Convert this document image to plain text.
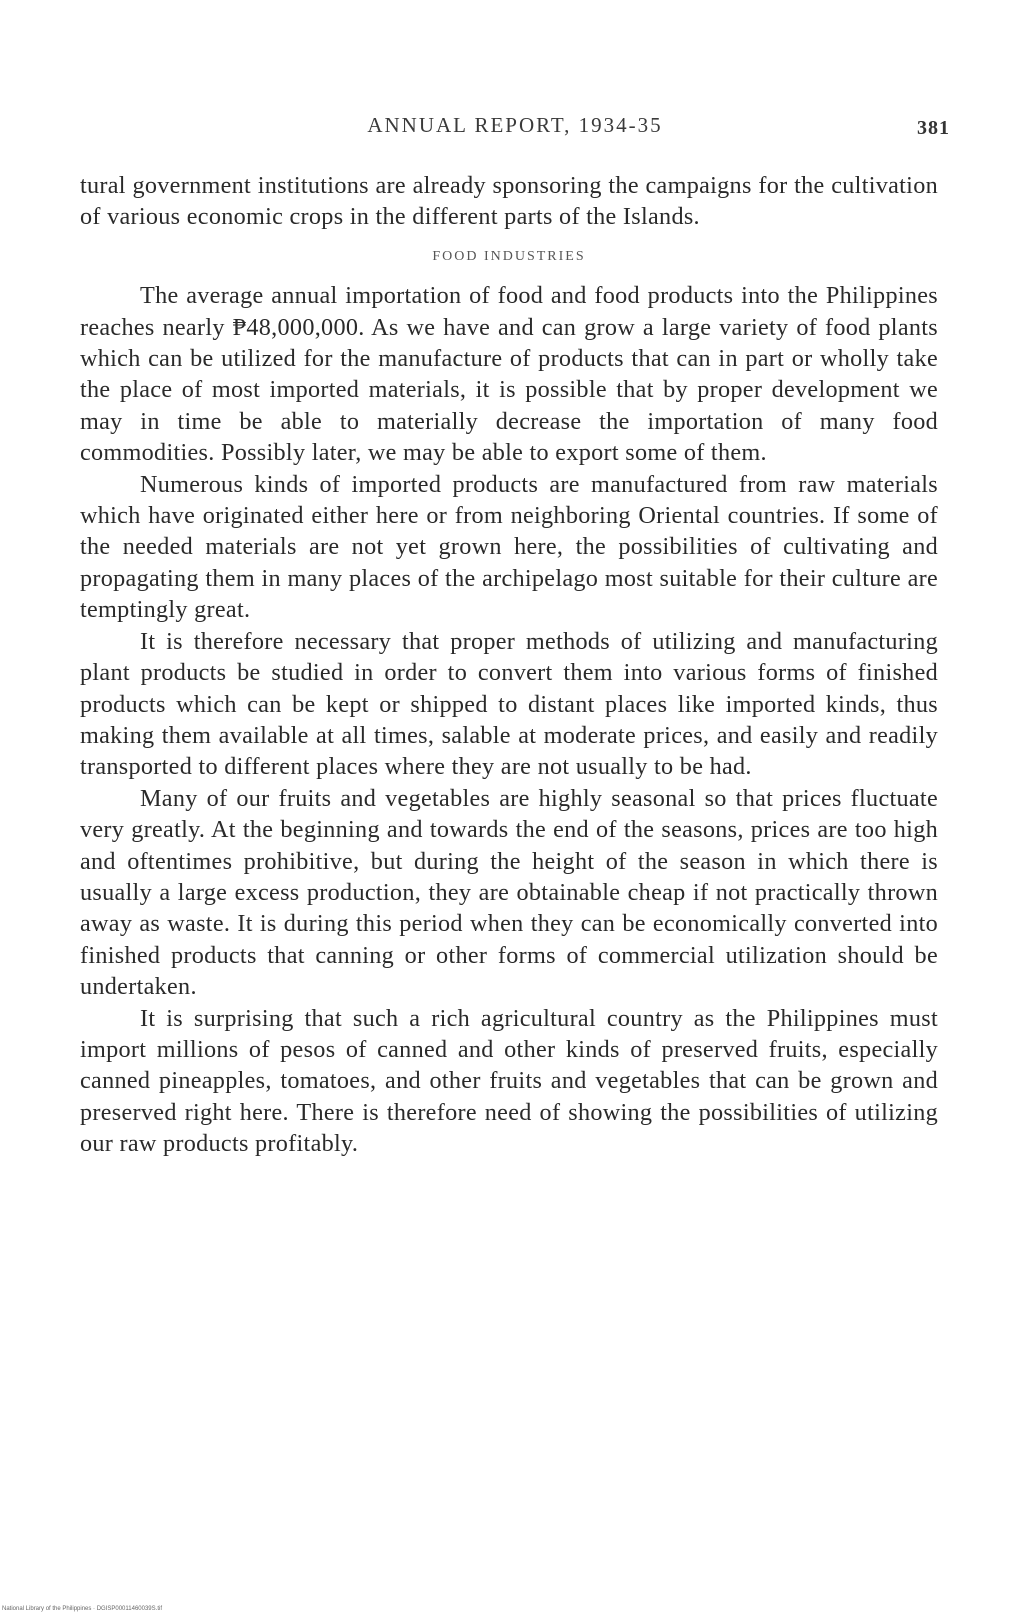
ANNUAL REPORT, 1934-35	381

tural government institutions are already sponsoring the campaigns for the cultivation of various economic crops in the different parts of the Islands.

FOOD INDUSTRIES

The average annual importation of food and food products into the Philippines reaches nearly ₱48,000,000. As we have and can grow a large variety of food plants which can be utilized for the manufacture of products that can in part or wholly take the place of most imported materials, it is possible that by proper development we may in time be able to materially decrease the importation of many food commodities. Possibly later, we may be able to export some of them.

Numerous kinds of imported products are manufactured from raw materials which have originated either here or from neighboring Oriental countries. If some of the needed materials are not yet grown here, the possibilities of cultivating and propagating them in many places of the archipelago most suitable for their culture are temptingly great.

It is therefore necessary that proper methods of utilizing and manufacturing plant products be studied in order to convert them into various forms of finished products which can be kept or shipped to distant places like imported kinds, thus making them available at all times, salable at moderate prices, and easily and readily transported to different places where they are not usually to be had.

Many of our fruits and vegetables are highly seasonal so that prices fluctuate very greatly. At the beginning and towards the end of the seasons, prices are too high and oftentimes prohibitive, but during the height of the season in which there is usually a large excess production, they are obtainable cheap if not practically thrown away as waste. It is during this period when they can be economically converted into finished products that canning or other forms of commercial utilization should be undertaken.

It is surprising that such a rich agricultural country as the Philippines must import millions of pesos of canned and other kinds of preserved fruits, especially canned pineapples, tomatoes, and other fruits and vegetables that can be grown and preserved right here. There is therefore need of showing the possibilities of utilizing our raw products profitably.

National Library of the Philippines · DGISP00011460039S.tif
